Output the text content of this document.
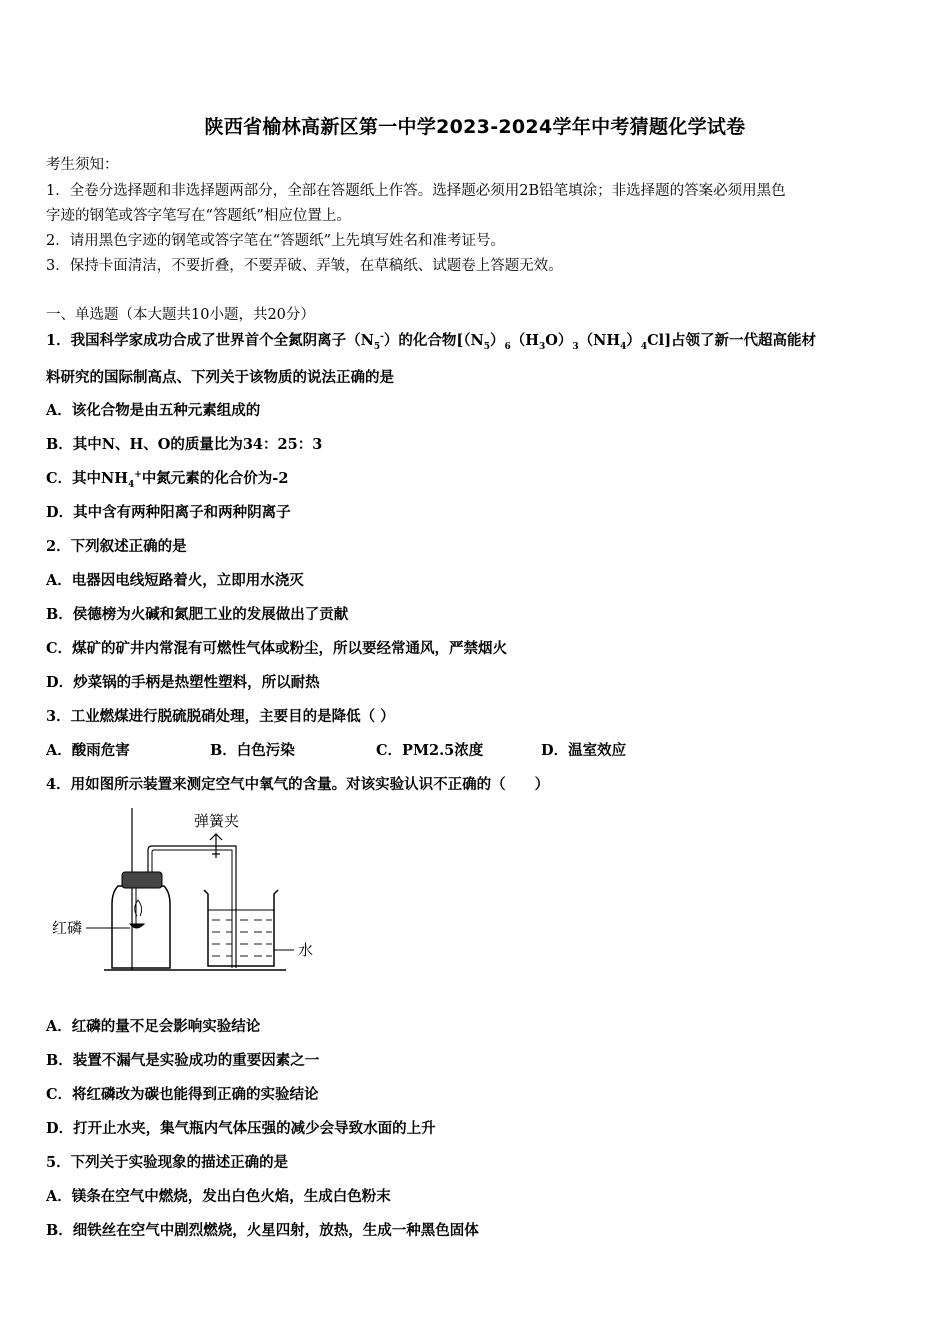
陕西省榆林高新区第一中学2023-2024学年中考猜题化学试卷
考生须知：
1．全卷分选择题和非选择题两部分，全部在答题纸上作答。选择题必须用2B铅笔填涂；非选择题的答案必须用黑色
字迹的钢笔或答字笔写在“答题纸”相应位置上。
2．请用黑色字迹的钢笔或答字笔在“答题纸”上先填写姓名和准考证号。
3．保持卡面清洁，不要折叠，不要弄破、弄皱，在草稿纸、试题卷上答题无效。
一、单选题（本大题共10小题，共20分）
1．我国科学家成功合成了世界首个全氮阴离子$(N_5^-)$的化合物$[(N_5)_6(H_3O)_3(NH_4)_4Cl]$占领了新一代超高能材
料研究的国际制高点、下列关于该物质的说法正确的是
A．该化合物是由五种元素组成的
B．其中N、H、O的质量比为34：25：3
C．其中$NH_4^+$中氮元素的化合价为-2
D．其中含有两种阳离子和两种阴离子
2．下列叙述正确的是
A．电器因电线短路着火，立即用水浇灭
B．侯德榜为火碱和氮肥工业的发展做出了贡献
C．煤矿的矿井内常混有可燃性气体或粉尘，所以要经常通风，严禁烟火
D．炒菜锅的手柄是热塑性塑料，所以耐热
3．工业燃煤进行脱硫脱硝处理，主要目的是降低（ ）
A．酸雨危害	B．白色污染	C．PM2.5浓度	D．温室效应
4．用如图所示装置来测定空气中氧气的含量。对该实验认识不正确的（　　）
弹簧夹
红磷
水
A．红磷的量不足会影响实验结论
B．装置不漏气是实验成功的重要因素之一
C．将红磷改为碳也能得到正确的实验结论
D．打开止水夹，集气瓶内气体压强的减少会导致水面的上升
5．下列关于实验现象的描述正确的是
A．镁条在空气中燃烧，发出白色火焰，生成白色粉末
B．细铁丝在空气中剧烈燃烧，火星四射，放热，生成一种黑色固体
